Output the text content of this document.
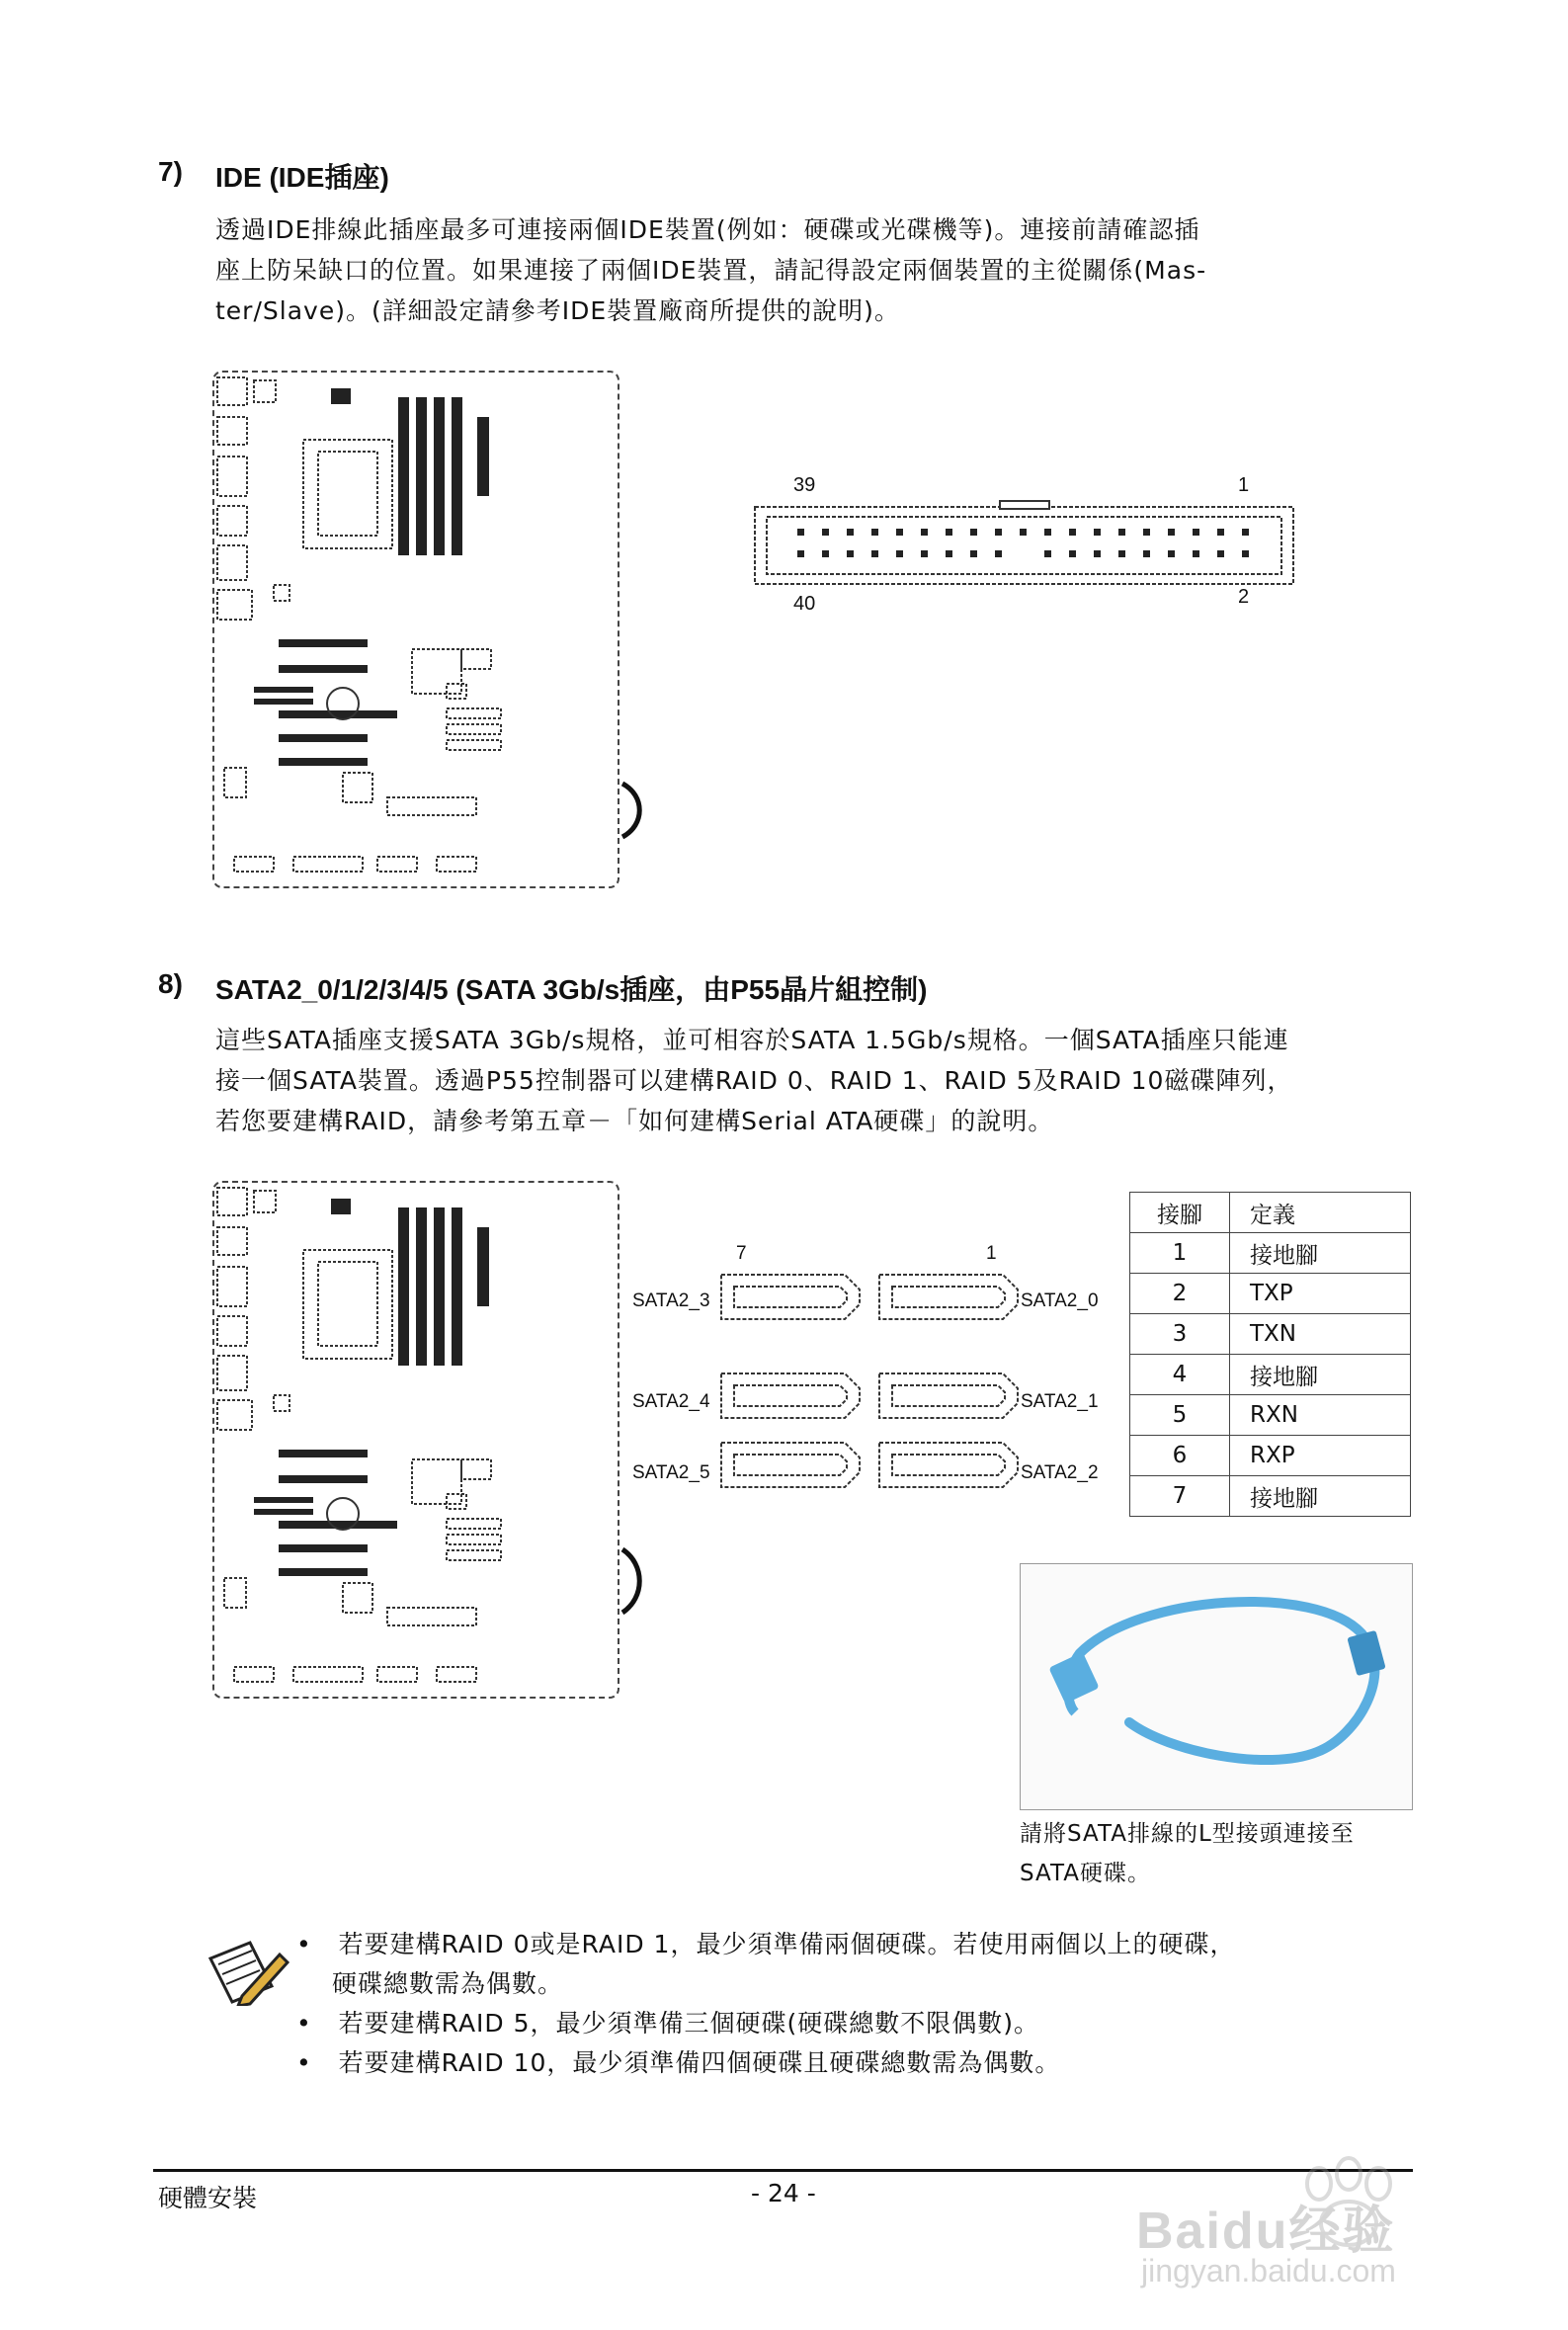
7) IDE (IDE插座)
透過IDE排線此插座最多可連接兩個IDE裝置(例如：硬碟或光碟機等)。連接前請確認插
座上防呆缺口的位置。如果連接了兩個IDE裝置，請記得設定兩個裝置的主從關係(Mas-
ter/Slave)。(詳細設定請參考IDE裝置廠商所提供的說明)。
39	1
40	2
8) SATA2_0/1/2/3/4/5 (SATA 3Gb/s插座，由P55晶片組控制)
這些SATA插座支援SATA 3Gb/s規格，並可相容於SATA 1.5Gb/s規格。一個SATA插座只能連
接一個SATA裝置。透過P55控制器可以建構RAID 0、RAID 1、RAID 5及RAID 10磁碟陣列，
若您要建構RAID，請參考第五章－「如何建構Serial ATA硬碟」的說明。
7	1
SATA2_3
SATA2_4
SATA2_5
SATA2_0
SATA2_1
SATA2_2
接腳	定義
1	接地腳
2	TXP
3	TXN
4	接地腳
5	RXN
6	RXP
7	接地腳
請將SATA排線的L型接頭連接至
SATA硬碟。
•   若要建構RAID 0或是RAID 1，最少須準備兩個硬碟。若使用兩個以上的硬碟，
硬碟總數需為偶數。
•   若要建構RAID 5，最少須準備三個硬碟(硬碟總數不限偶數)。
•   若要建構RAID 10，最少須準備四個硬碟且硬碟總數需為偶數。
硬體安裝	- 24 -
Baidu经验
jingyan.baidu.com
